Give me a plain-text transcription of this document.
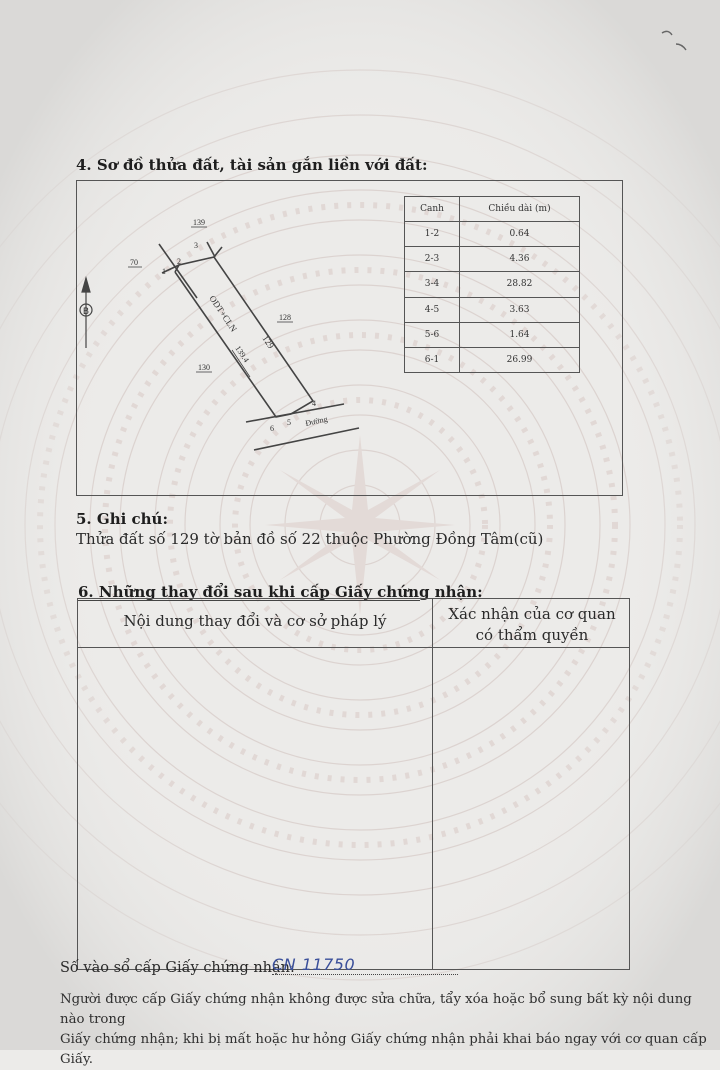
4. Sơ đồ thửa đất, tài sản gắn liền với đất:
B
139
70
128
130
1
2
3
4
5
6
Đường
ODT+CLN
129
139.4
Canh	Chiều dài (m)
1-2	0.64
2-3	4.36
3-4	28.82
4-5	3.63
5-6	1.64
6-1	26.99
5. Ghi chú:
Thửa đất số 129 tờ bản đồ số 22 thuộc Phường Đồng Tâm(cũ)
6. Những thay đổi sau khi cấp Giấy chứng nhận:
Nội dung thay đổi và cơ sở pháp lý	Xác nhận của cơ quan
có thẩm quyền
Số vào sổ cấp Giấy chứng nhận:
CN 11750
Người được cấp Giấy chứng nhận không được sửa chữa, tẩy xóa hoặc bổ sung bất kỳ nội dung nào trong
Giấy chứng nhận; khi bị mất hoặc hư hỏng Giấy chứng nhận phải khai báo ngay với cơ quan cấp Giấy.
